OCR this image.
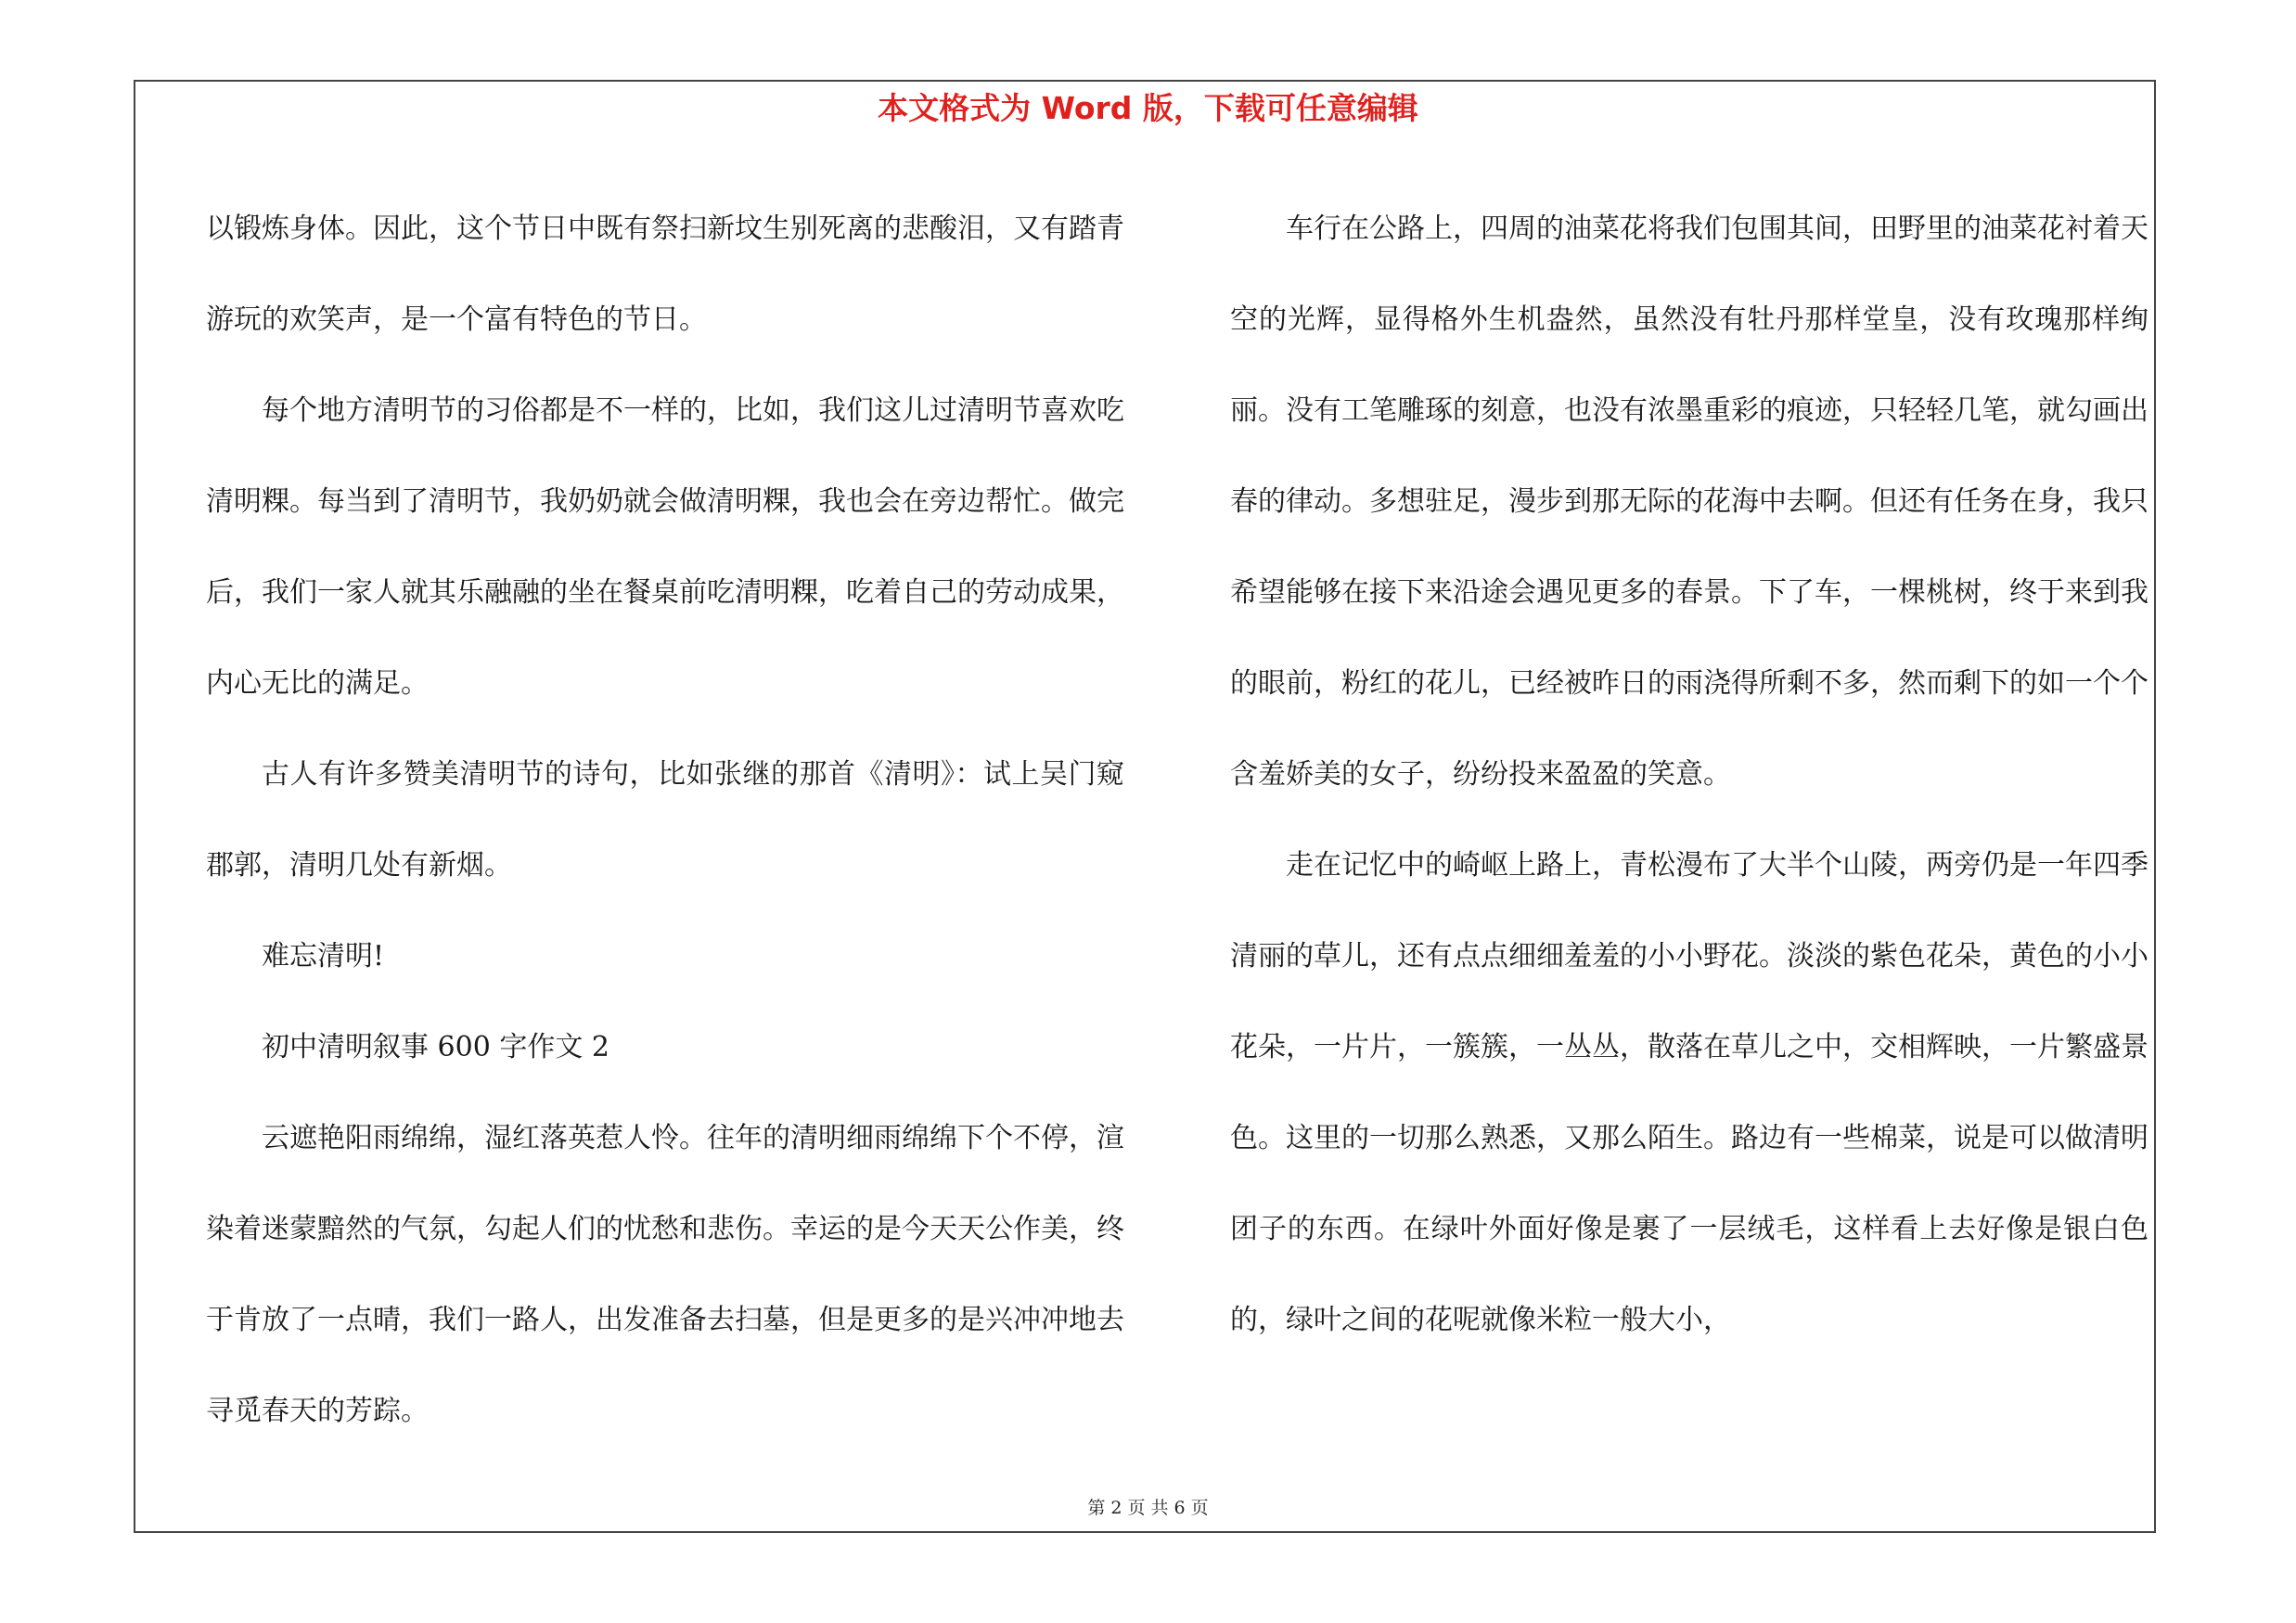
本文格式为 Word 版，下载可任意编辑

以锻炼身体。因此，这个节日中既有祭扫新坟生别死离的悲酸泪，又有踏青游玩的欢笑声，是一个富有特色的节日。

每个地方清明节的习俗都是不一样的，比如，我们这儿过清明节喜欢吃清明粿。每当到了清明节，我奶奶就会做清明粿，我也会在旁边帮忙。做完后，我们一家人就其乐融融的坐在餐桌前吃清明粿，吃着自己的劳动成果，内心无比的满足。

古人有许多赞美清明节的诗句，比如张继的那首《清明》：试上吴门窥郡郭，清明几处有新烟。

难忘清明!

初中清明叙事 600 字作文 2

云遮艳阳雨绵绵，湿红落英惹人怜。往年的清明细雨绵绵下个不停，渲染着迷蒙黯然的气氛，勾起人们的忧愁和悲伤。幸运的是今天天公作美，终于肯放了一点晴，我们一路人，出发准备去扫墓，但是更多的是兴冲冲地去寻觅春天的芳踪。

车行在公路上，四周的油菜花将我们包围其间，田野里的油菜花衬着天空的光辉，显得格外生机盎然，虽然没有牡丹那样堂皇，没有玫瑰那样绚丽。没有工笔雕琢的刻意，也没有浓墨重彩的痕迹，只轻轻几笔，就勾画出春的律动。多想驻足，漫步到那无际的花海中去啊。但还有任务在身，我只希望能够在接下来沿途会遇见更多的春景。下了车，一棵桃树，终于来到我的眼前，粉红的花儿，已经被昨日的雨浇得所剩不多，然而剩下的如一个个含羞娇美的女子，纷纷投来盈盈的笑意。

走在记忆中的崎岖上路上，青松漫布了大半个山陵，两旁仍是一年四季清丽的草儿，还有点点细细羞羞的小小野花。淡淡的紫色花朵，黄色的小小花朵，一片片，一簇簇，一丛丛，散落在草儿之中，交相辉映，一片繁盛景色。这里的一切那么熟悉，又那么陌生。路边有一些棉菜，说是可以做清明团子的东西。在绿叶外面好像是裹了一层绒毛，这样看上去好像是银白色的，绿叶之间的花呢就像米粒一般大小，

第 2 页 共 6 页
